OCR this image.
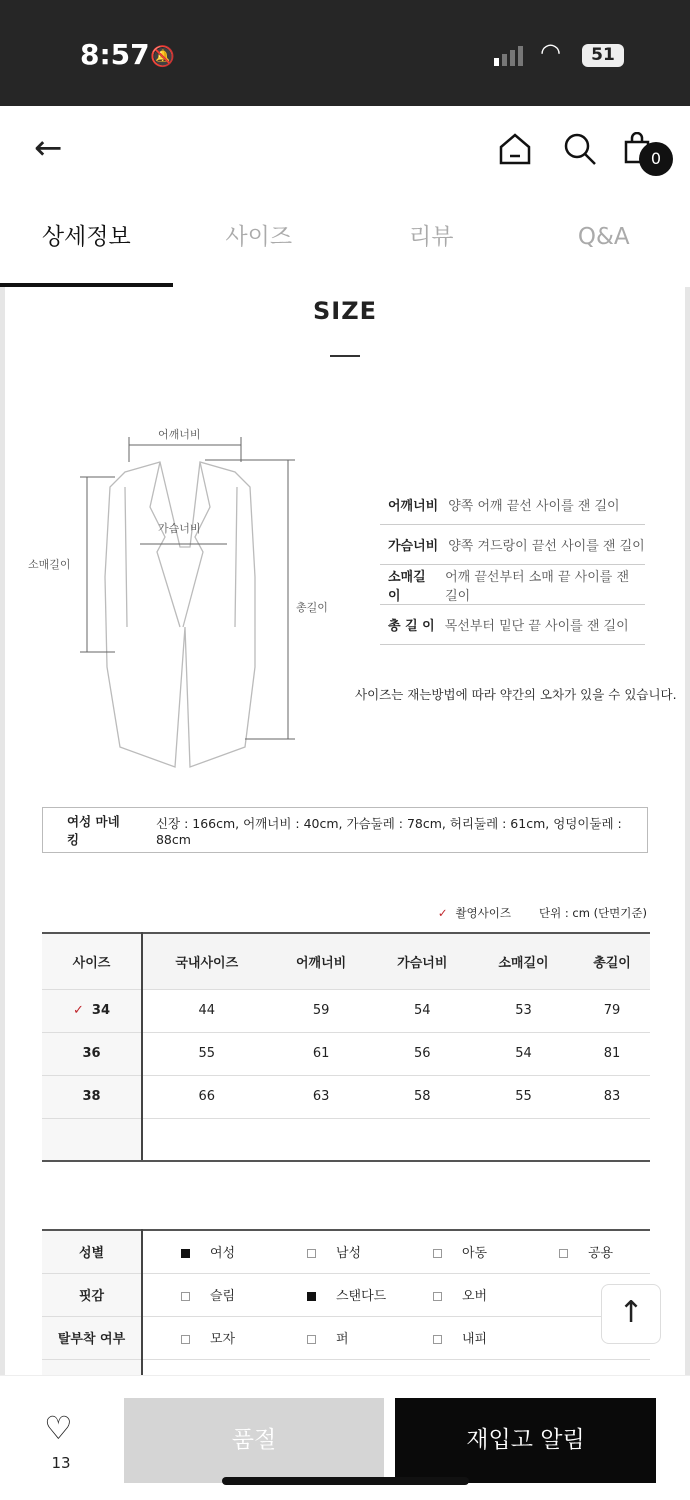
8:57 🔕	◠	51
←	0
상세정보	사이즈	리뷰	Q&A
SIZE
어깨너비
가슴너비
소매길이
총길이
어깨너비 양쪽 어깨 끝선 사이를 잰 길이
가슴너비 양쪽 겨드랑이 끝선 사이를 잰 길이
소매길이
어깨 끝선부터 소매 끝 사이를 잰 길이
총 길 이 목선부터 밑단 끝 사이를 잰 길이
사이즈는 재는방법에 따라 약간의 오차가 있을 수 있습니다.
여성 마네킹
신장 : 166cm, 어깨너비 : 40cm, 가슴둘레 : 78cm, 허리둘레 : 61cm, 엉덩이둘레 : 88cm
✓ 촬영사이즈 단위 : cm (단면기준)
사이즈	국내사이즈	어깨너비	가슴너비	소매길이	총길이
✓ 34	44	59	54	53	79
36	55	61	56	54	81
38	66	63	58	55	83

성별	여성 남성 아동 공용
핏감	슬림 스탠다드 오버
탈부착 여부	모자 퍼 내피

↑
♡
13
품절	재입고 알림
